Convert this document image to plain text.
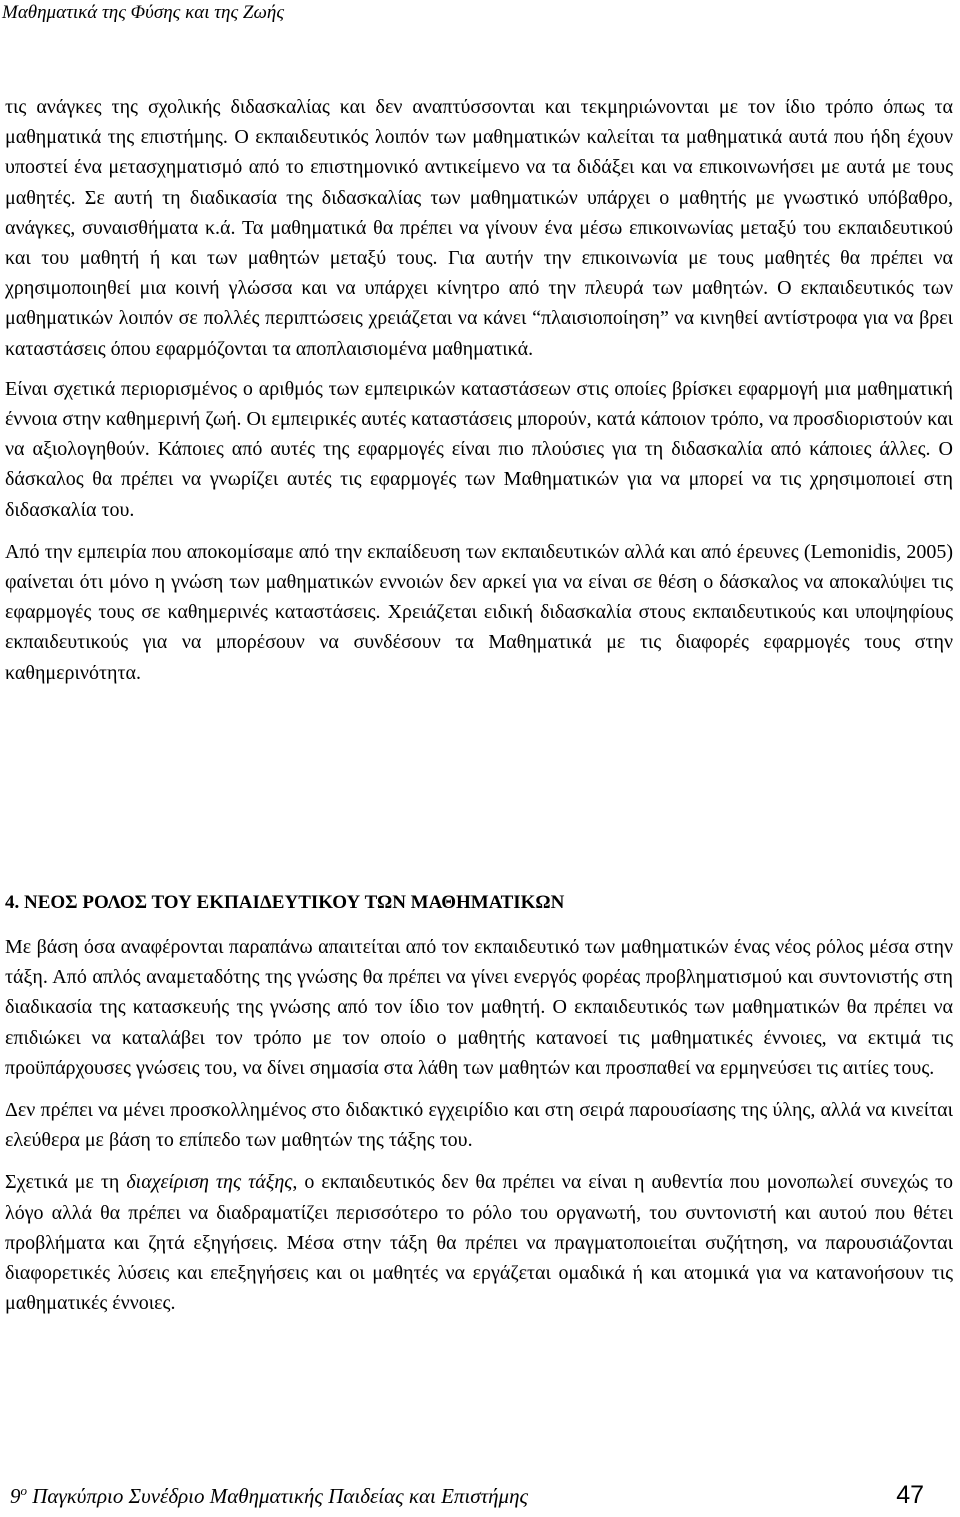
Μαθηματικά της Φύσης και της Ζωής

τις ανάγκες της σχολικής διδασκαλίας και δεν αναπτύσσονται και τεκμηριώνονται με τον ίδιο τρόπο όπως τα μαθηματικά της επιστήμης. Ο εκπαιδευτικός λοιπόν των μαθηματικών καλείται τα μαθηματικά αυτά που ήδη έχουν υποστεί ένα μετασχηματισμό από το επιστημονικό αντικείμενο να τα διδάξει και να επικοινωνήσει με αυτά με τους μαθητές. Σε αυτή τη διαδικασία της διδασκαλίας των μαθηματικών υπάρχει ο μαθητής με γνωστικό υπόβαθρο, ανάγκες, συναισθήματα κ.ά. Τα μαθηματικά θα πρέπει να γίνουν ένα μέσω επικοινωνίας μεταξύ του εκπαιδευτικού και του μαθητή ή και των μαθητών μεταξύ τους. Για αυτήν την επικοινωνία με τους μαθητές θα πρέπει να χρησιμοποιηθεί μια κοινή γλώσσα και να υπάρχει κίνητρο από την πλευρά των μαθητών. Ο εκπαιδευτικός των μαθηματικών λοιπόν σε πολλές περιπτώσεις χρειάζεται να κάνει “πλαισιοποίηση” να κινηθεί αντίστροφα για να βρει καταστάσεις όπου εφαρμόζονται τα αποπλαισιομένα μαθηματικά.

Είναι σχετικά περιορισμένος ο αριθμός των εμπειρικών καταστάσεων στις οποίες βρίσκει εφαρμογή μια μαθηματική έννοια στην καθημερινή ζωή. Οι εμπειρικές αυτές καταστάσεις μπορούν, κατά κάποιον τρόπο, να προσδιοριστούν και να αξιολογηθούν. Κάποιες από αυτές της εφαρμογές είναι πιο πλούσιες για τη διδασκαλία από κάποιες άλλες. Ο δάσκαλος θα πρέπει να γνωρίζει αυτές τις εφαρμογές των Μαθηματικών για να μπορεί να τις χρησιμοποιεί στη διδασκαλία του.

Από την εμπειρία που αποκομίσαμε από την εκπαίδευση των εκπαιδευτικών αλλά και από έρευνες (Lemonidis, 2005) φαίνεται ότι μόνο η γνώση των μαθηματικών εννοιών δεν αρκεί για να είναι σε θέση ο δάσκαλος να αποκαλύψει τις εφαρμογές τους σε καθημερινές καταστάσεις. Χρειάζεται ειδική διδασκαλία στους εκπαιδευτικούς και υποψηφίους εκπαιδευτικούς για να μπορέσουν να συνδέσουν τα Μαθηματικά με τις διαφορές εφαρμογές τους στην καθημερινότητα.

4. ΝΕΟΣ ΡΟΛΟΣ ΤΟΥ ΕΚΠΑΙΔΕΥΤΙΚΟΥ ΤΩΝ ΜΑΘΗΜΑΤΙΚΩΝ

Με βάση όσα αναφέρονται παραπάνω απαιτείται από τον εκπαιδευτικό των μαθηματικών ένας νέος ρόλος μέσα στην τάξη. Από απλός αναμεταδότης της γνώσης θα πρέπει να γίνει ενεργός φορέας προβληματισμού και συντονιστής στη διαδικασία της κατασκευής της γνώσης από τον ίδιο τον μαθητή. Ο εκπαιδευτικός των μαθηματικών θα πρέπει να επιδιώκει να καταλάβει τον τρόπο με τον οποίο ο μαθητής κατανοεί τις μαθηματικές έννοιες, να εκτιμά τις προϋπάρχουσες γνώσεις του, να δίνει σημασία στα λάθη των μαθητών και προσπαθεί να ερμηνεύσει τις αιτίες τους.

Δεν πρέπει να μένει προσκολλημένος στο διδακτικό εγχειρίδιο και στη σειρά παρουσίασης της ύλης, αλλά να κινείται ελεύθερα με βάση το επίπεδο των μαθητών της τάξης του.

Σχετικά με τη διαχείριση της τάξης, ο εκπαιδευτικός δεν θα πρέπει να είναι η αυθεντία που μονοπωλεί συνεχώς το λόγο αλλά θα πρέπει να διαδραματίζει περισσότερο το ρόλο του οργανωτή, του συντονιστή και αυτού που θέτει προβλήματα και ζητά εξηγήσεις. Μέσα στην τάξη θα πρέπει να πραγματοποιείται συζήτηση, να παρουσιάζονται διαφορετικές λύσεις και επεξηγήσεις και οι μαθητές να εργάζεται ομαδικά ή και ατομικά για να κατανοήσουν τις μαθηματικές έννοιες.

$9^o$ Παγκύπριο Συνέδριο Μαθηματικής Παιδείας και Επιστήμης	47
